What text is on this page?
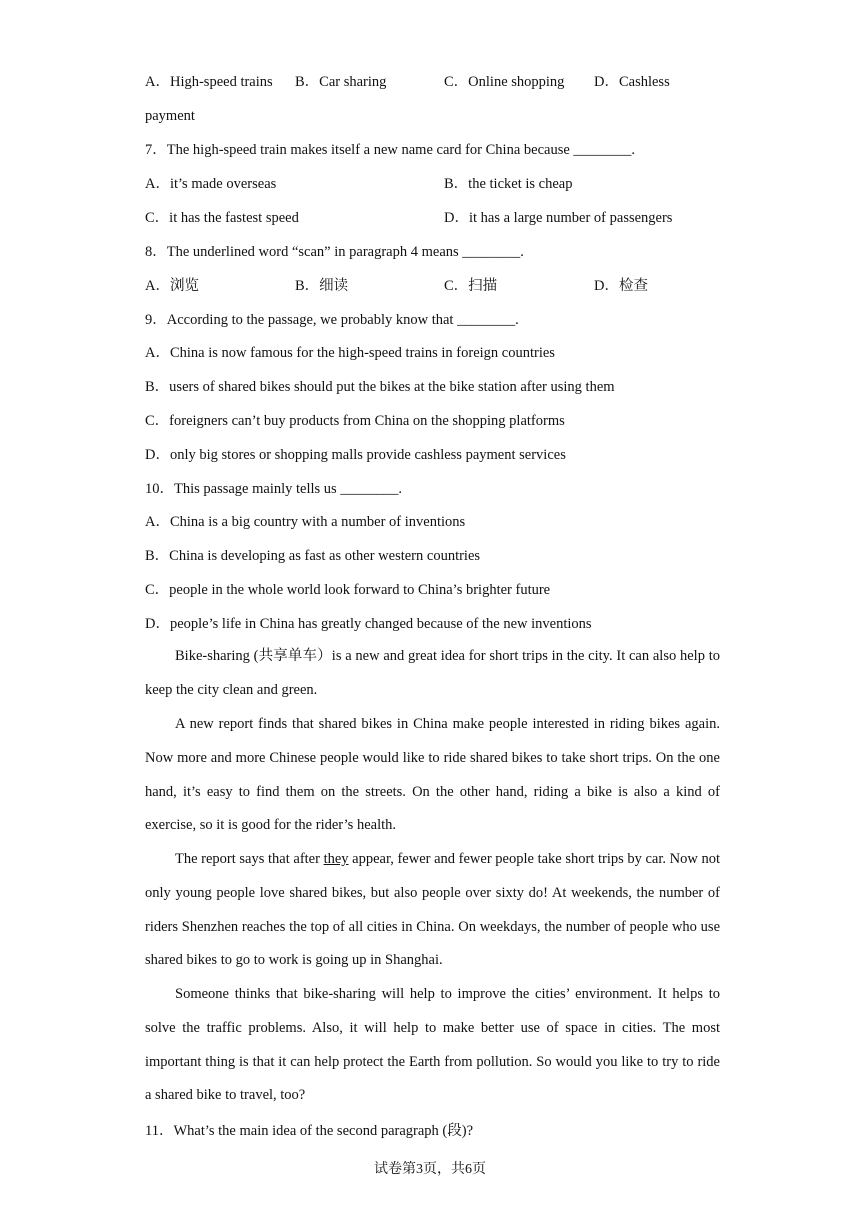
A．High-speed trains B．Car sharing	C．Online shopping D．Cashless
payment
7．The high-speed train makes itself a new name card for China because ________.
A．it’s made overseas	B．the ticket is cheap
C．it has the fastest speed	D．it has a large number of passengers
8．The underlined word “scan” in paragraph 4 means ________.
A．浏览	B．细读	C．扫描	D．检查
9．According to the passage, we probably know that ________.
A．China is now famous for the high-speed trains in foreign countries
B．users of shared bikes should put the bikes at the bike station after using them
C．foreigners can’t buy products from China on the shopping platforms
D．only big stores or shopping malls provide cashless payment services
10．This passage mainly tells us ________.
A．China is a big country with a number of inventions
B．China is developing as fast as other western countries
C．people in the whole world look forward to China’s brighter future
D．people’s life in China has greatly changed because of the new inventions

Bike-sharing (共享单车）is a new and great idea for short trips in the city. It can also help to keep the city clean and green.

A new report finds that shared bikes in China make people interested in riding bikes again. Now more and more Chinese people would like to ride shared bikes to take short trips. On the one hand, it’s easy to find them on the streets. On the other hand, riding a bike is also a kind of exercise, so it is good for the rider’s health.

The report says that after they appear, fewer and fewer people take short trips by car. Now not only young people love shared bikes, but also people over sixty do! At weekends, the number of riders Shenzhen reaches the top of all cities in China. On weekdays, the number of people who use shared bikes to go to work is going up in Shanghai.

Someone thinks that bike-sharing will help to improve the cities’ environment. It helps to solve the traffic problems. Also, it will help to make better use of space in cities. The most important thing is that it can help protect the Earth from pollution. So would you like to try to ride a shared bike to travel, too?

11．What’s the main idea of the second paragraph (段)?
试卷第3页，共6页
